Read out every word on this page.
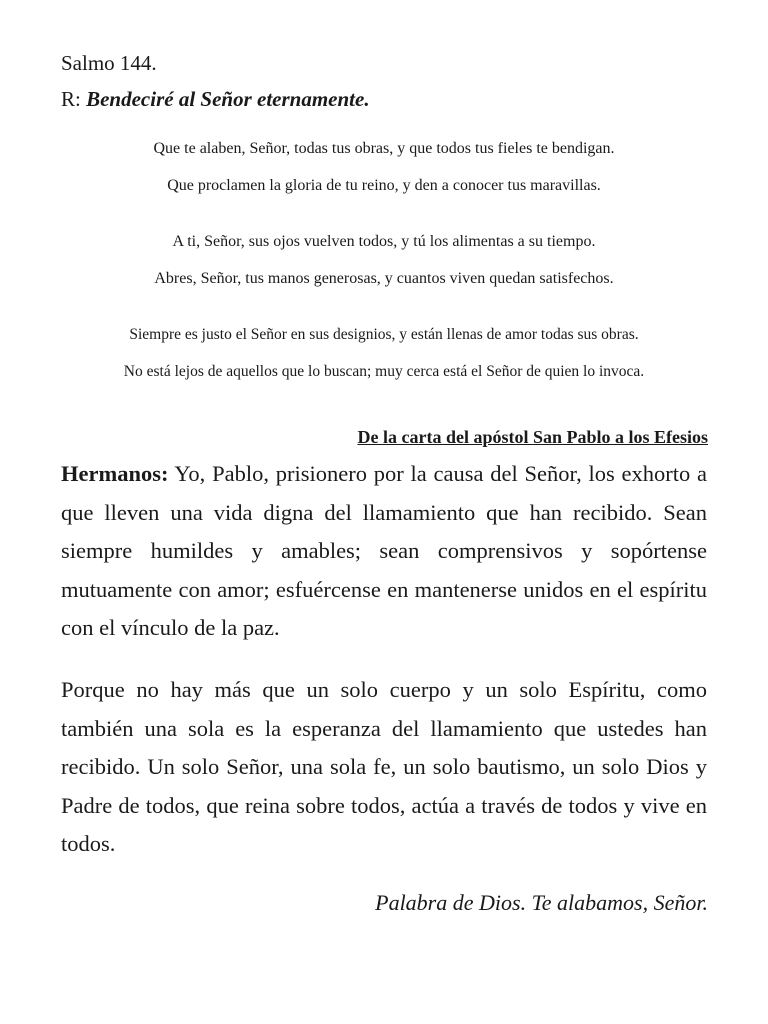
Salmo 144.
R: Bendeciré al Señor eternamente.
Que te alaben, Señor, todas tus obras, y que todos tus fieles te bendigan.
Que proclamen la gloria de tu reino, y den a conocer tus maravillas.
A ti, Señor, sus ojos vuelven todos, y tú los alimentas a su tiempo.
Abres, Señor, tus manos generosas, y cuantos viven quedan satisfechos.
Siempre es justo el Señor en sus designios, y están llenas de amor todas sus obras.
No está lejos de aquellos que lo buscan; muy cerca está el Señor de quien lo invoca.
De la carta del apóstol San Pablo a los Efesios

Hermanos: Yo, Pablo, prisionero por la causa del Señor, los exhorto a que lleven una vida digna del llamamiento que han recibido. Sean siempre humildes y amables; sean comprensivos y sopórtense mutuamente con amor; esfuércense en mantenerse unidos en el espíritu con el vínculo de la paz.

Porque no hay más que un solo cuerpo y un solo Espíritu, como también una sola es la esperanza del llamamiento que ustedes han recibido. Un solo Señor, una sola fe, un solo bautismo, un solo Dios y Padre de todos, que reina sobre todos, actúa a través de todos y vive en todos.

Palabra de Dios. Te alabamos, Señor.
